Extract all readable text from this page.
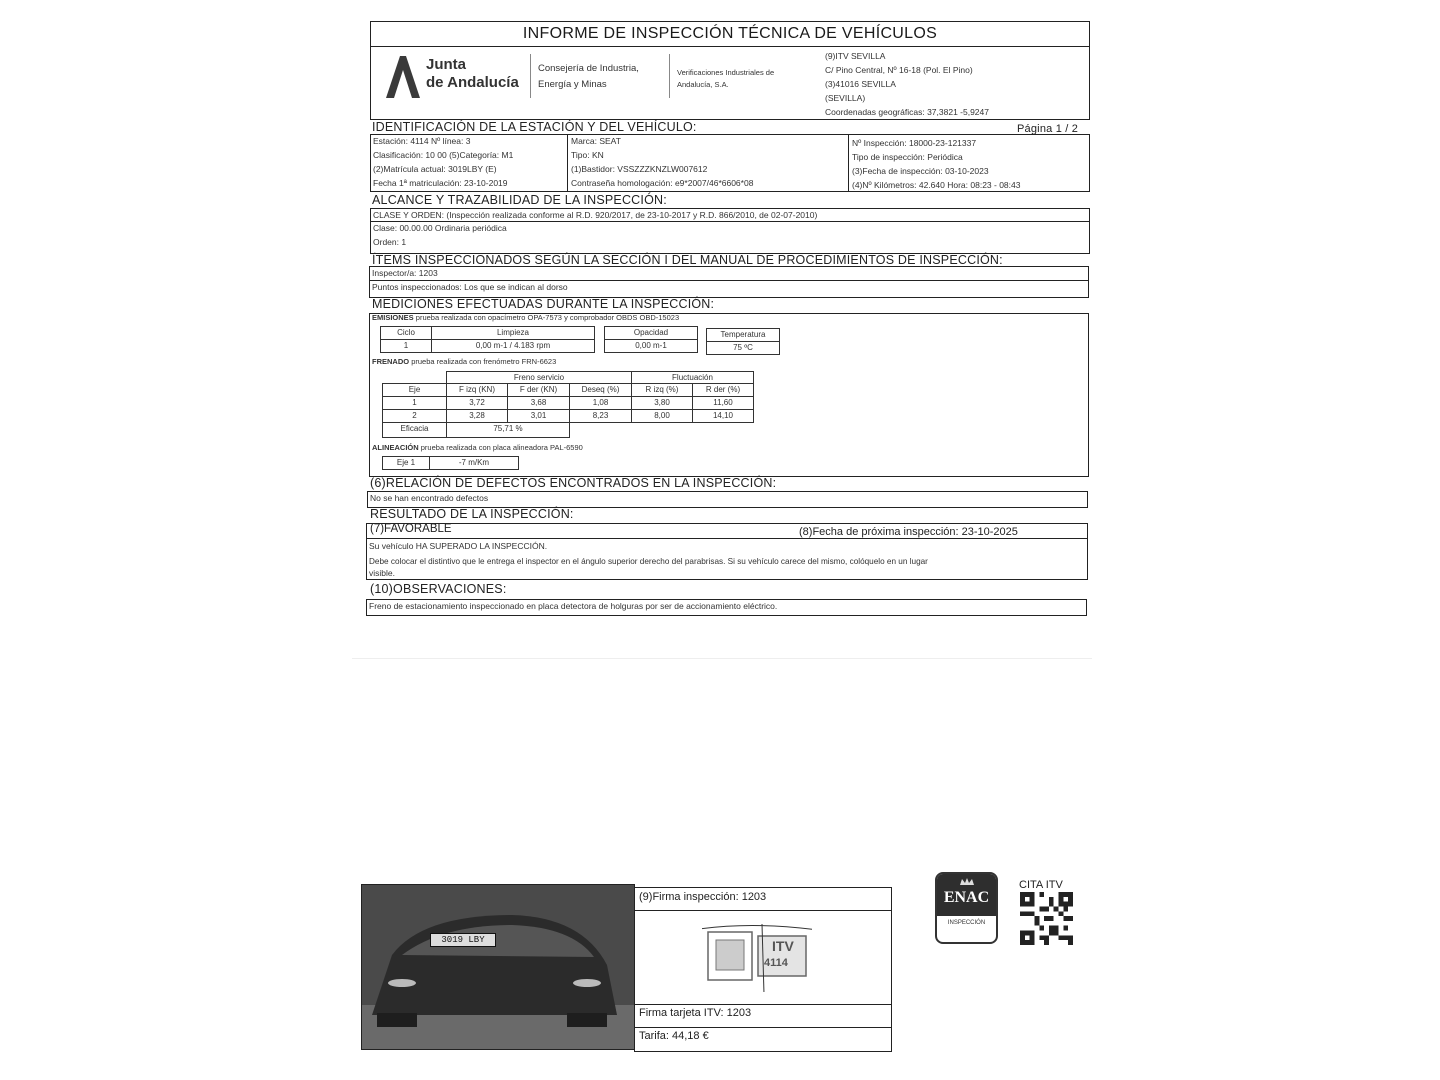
INFORME DE INSPECCIÓN TÉCNICA DE VEHÍCULOS
Junta
de Andalucía
Consejería de Industria,
Energía y Minas
Verificaciones Industriales de
Andalucía, S.A.
(9)ITV SEVILLA
C/ Pino Central, Nº 16-18 (Pol. El Pino)
(3)41016 SEVILLA
(SEVILLA)
Coordenadas geográficas: 37,3821 -5,9247
IDENTIFICACIÓN DE LA ESTACIÓN Y DEL VEHÍCULO:	Página 1 / 2
Estación: 4114 Nº línea: 3
Clasificación: 10 00 (5)Categoría: M1
(2)Matrícula actual: 3019LBY (E)
Fecha 1ª matriculación: 23-10-2019
Marca: SEAT
Tipo: KN
(1)Bastidor: VSSZZZKNZLW007612
Contraseña homologación: e9*2007/46*6606*08
Nº Inspección: 18000-23-121337
Tipo de inspección: Periódica
(3)Fecha de inspección: 03-10-2023
(4)Nº Kilómetros: 42.640 Hora: 08:23 - 08:43
ALCANCE Y TRAZABILIDAD DE LA INSPECCIÓN:
CLASE Y ORDEN: (Inspección realizada conforme al R.D. 920/2017, de 23-10-2017 y R.D. 866/2010, de 02-07-2010)
Clase: 00.00.00 Ordinaria periódica
Orden: 1
ÍTEMS INSPECCIONADOS SEGÚN LA SECCIÓN I DEL MANUAL DE PROCEDIMIENTOS DE INSPECCIÓN:
Inspector/a: 1203
Puntos inspeccionados: Los que se indican al dorso
MEDICIONES EFECTUADAS DURANTE LA INSPECCIÓN:
EMISIONES prueba realizada con opacímetro OPA-7573 y comprobador OBDS OBD-15023
Ciclo	Limpieza	Opacidad	Temperatura
1	0,00 m-1 / 4.183 rpm	0,00 m-1	75 ºC
FRENADO prueba realizada con frenómetro FRN-6623
Freno servicio	Fluctuación
Eje	F izq (KN)	F der (KN)	Deseq (%)	R izq (%)	R der (%)
1	3,72	3,68	1,08	3,80	11,60
2	3,28	3,01	8,23	8,00	14,10
Eficacia	75,71 %
ALINEACIÓN prueba realizada con placa alineadora PAL-6590
Eje 1	-7 m/Km
(6)RELACIÓN DE DEFECTOS ENCONTRADOS EN LA INSPECCIÓN:
No se han encontrado defectos
RESULTADO DE LA INSPECCIÓN:
(7)FAVORABLE	(8)Fecha de próxima inspección: 23-10-2025
Su vehículo HA SUPERADO LA INSPECCIÓN.
Debe colocar el distintivo que le entrega el inspector en el ángulo superior derecho del parabrisas. Si su vehículo carece del mismo, colóquelo en un lugar
visible.
(10)OBSERVACIONES:
Freno de estacionamiento inspeccionado en placa detectora de holguras por ser de accionamiento eléctrico.
3019 LBY
(9)Firma inspección: 1203
ITV
4114
Firma tarjeta ITV: 1203
Tarifa: 44,18 €
ENAC
INSPECCIÓN
CITA ITV
